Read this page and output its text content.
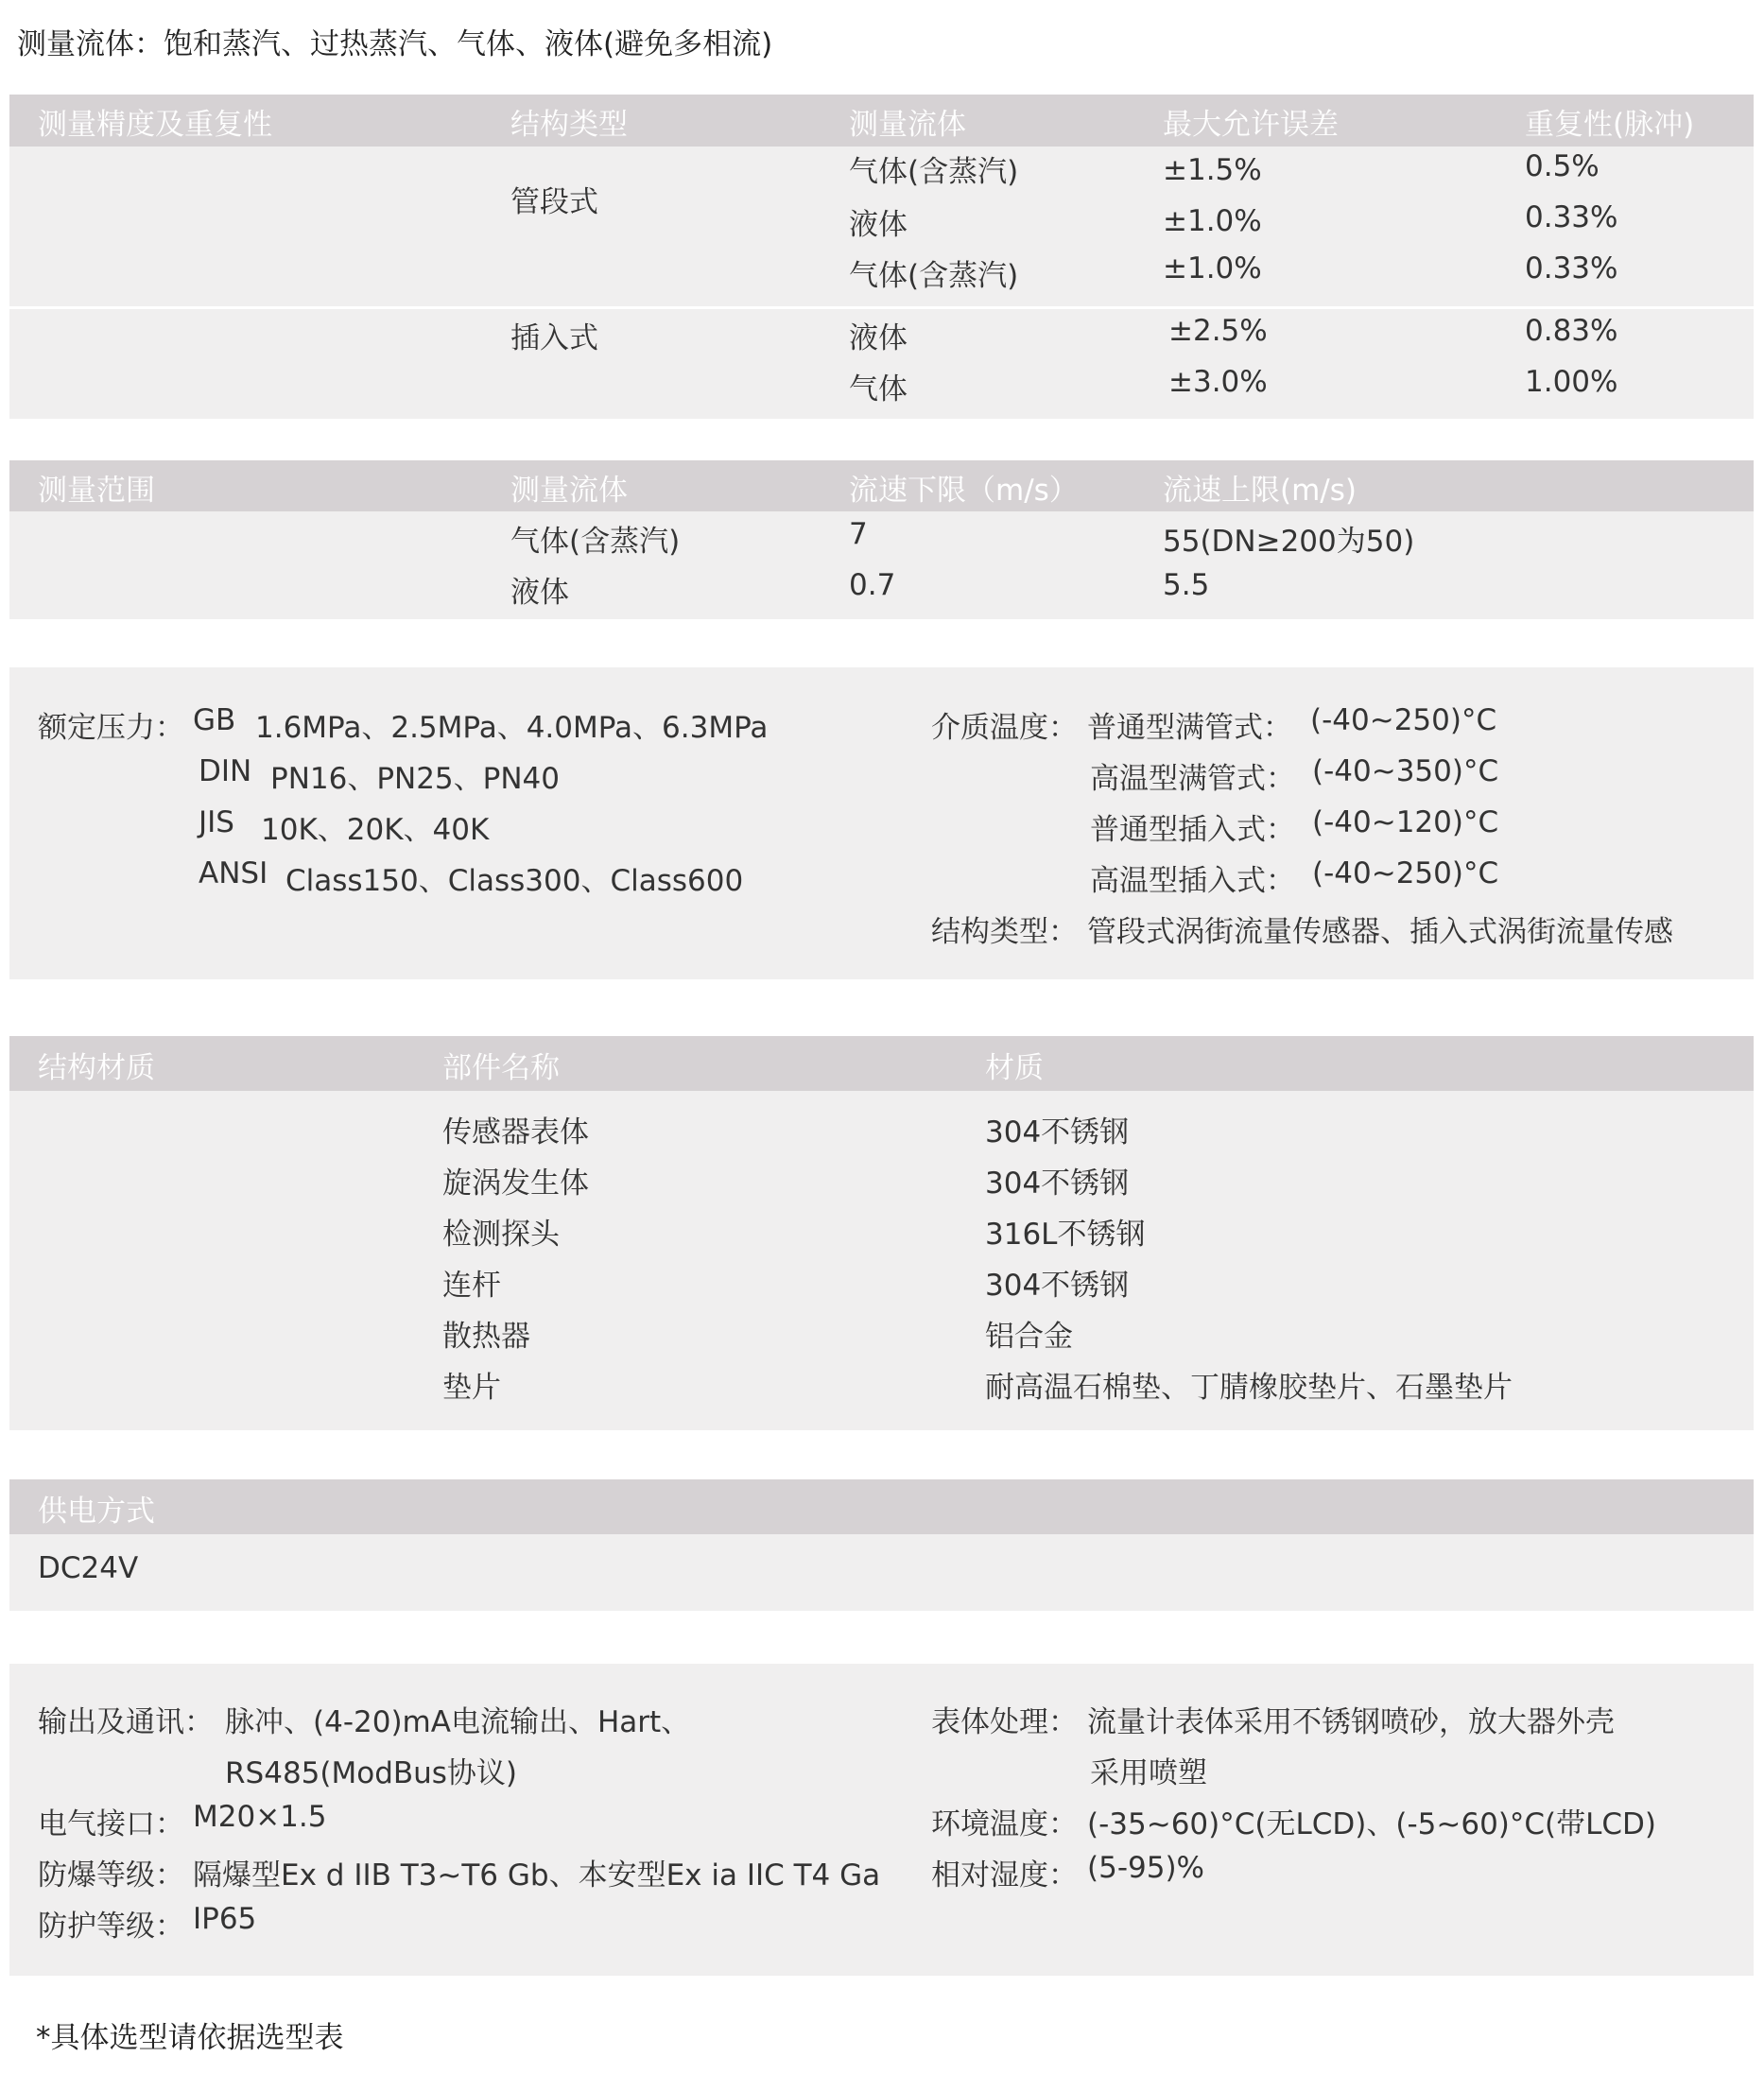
测量流体：饱和蒸汽、过热蒸汽、气体、液体(避免多相流)
测量精度及重复性	结构类型	测量流体	最大允许误差	重复性(脉冲)
管段式
气体(含蒸汽)	±1.5%	0.5%
液体	±1.0%	0.33%
气体(含蒸汽)	±1.0%	0.33%
插入式	液体	±2.5%	0.83%
气体	±3.0%	1.00%
测量范围	测量流体	流速下限（m/s）	流速上限(m/s)
气体(含蒸汽)	7	55(DN≥200为50)
液体	0.7	5.5
额定压力： GB 1.6MPa、2.5MPa、4.0MPa、6.3MPa
DIN PN16、PN25、PN40
JIS 10K、20K、40K
ANSI Class150、Class300、Class600
介质温度： 普通型满管式： (-40~250)°C
高温型满管式： (-40~350)°C
普通型插入式： (-40~120)°C
高温型插入式： (-40~250)°C
结构类型： 管段式涡街流量传感器、插入式涡街流量传感
结构材质	部件名称	材质
传感器表体	304不锈钢
旋涡发生体	304不锈钢
检测探头	316L不锈钢
连杆	304不锈钢
散热器	铝合金
垫片	耐高温石棉垫、丁腈橡胶垫片、石墨垫片
供电方式
DC24V
输出及通讯： 脉冲、(4-20)mA电流输出、Hart、
RS485(ModBus协议)
电气接口： M20×1.5
防爆等级： 隔爆型Ex d IIB T3~T6 Gb、本安型Ex ia IIC T4 Ga
防护等级： IP65
表体处理： 流量计表体采用不锈钢喷砂，放大器外壳
采用喷塑
环境温度： (-35~60)°C(无LCD)、(-5~60)°C(带LCD)
相对湿度： (5-95)%
*具体选型请依据选型表
